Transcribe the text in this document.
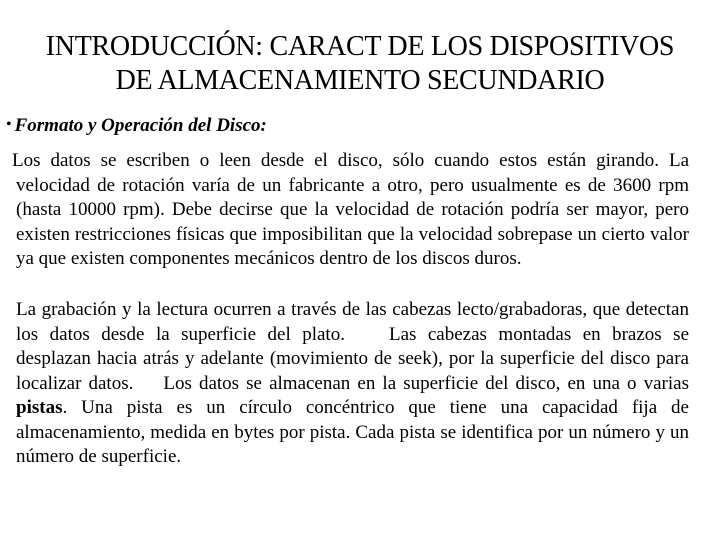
INTRODUCCIÓN: CARACT DE LOS DISPOSITIVOS
DE ALMACENAMIENTO SECUNDARIO
• Formato y Operación del Disco:
Los datos se escriben o leen desde el disco, sólo cuando estos están girando. La velocidad de rotación varía de un fabricante a otro, pero usualmente es de 3600 rpm (hasta 10000 rpm). Debe decirse que la velocidad de rotación podría ser mayor, pero existen restricciones físicas que imposibilitan que la velocidad sobrepase un cierto valor ya que existen componentes mecánicos dentro de los discos duros.
La grabación y la lectura ocurren a través de las cabezas lecto/grabadoras, que detectan los datos desde la superficie del plato. Las cabezas montadas en brazos se desplazan hacia atrás y adelante (movimiento de seek), por la superficie del disco para localizar datos. Los datos se almacenan en la superficie del disco, en una o varias pistas. Una pista es un círculo concéntrico que tiene una capacidad fija de almacenamiento, medida en bytes por pista. Cada pista se identifica por un número y un número de superficie.
